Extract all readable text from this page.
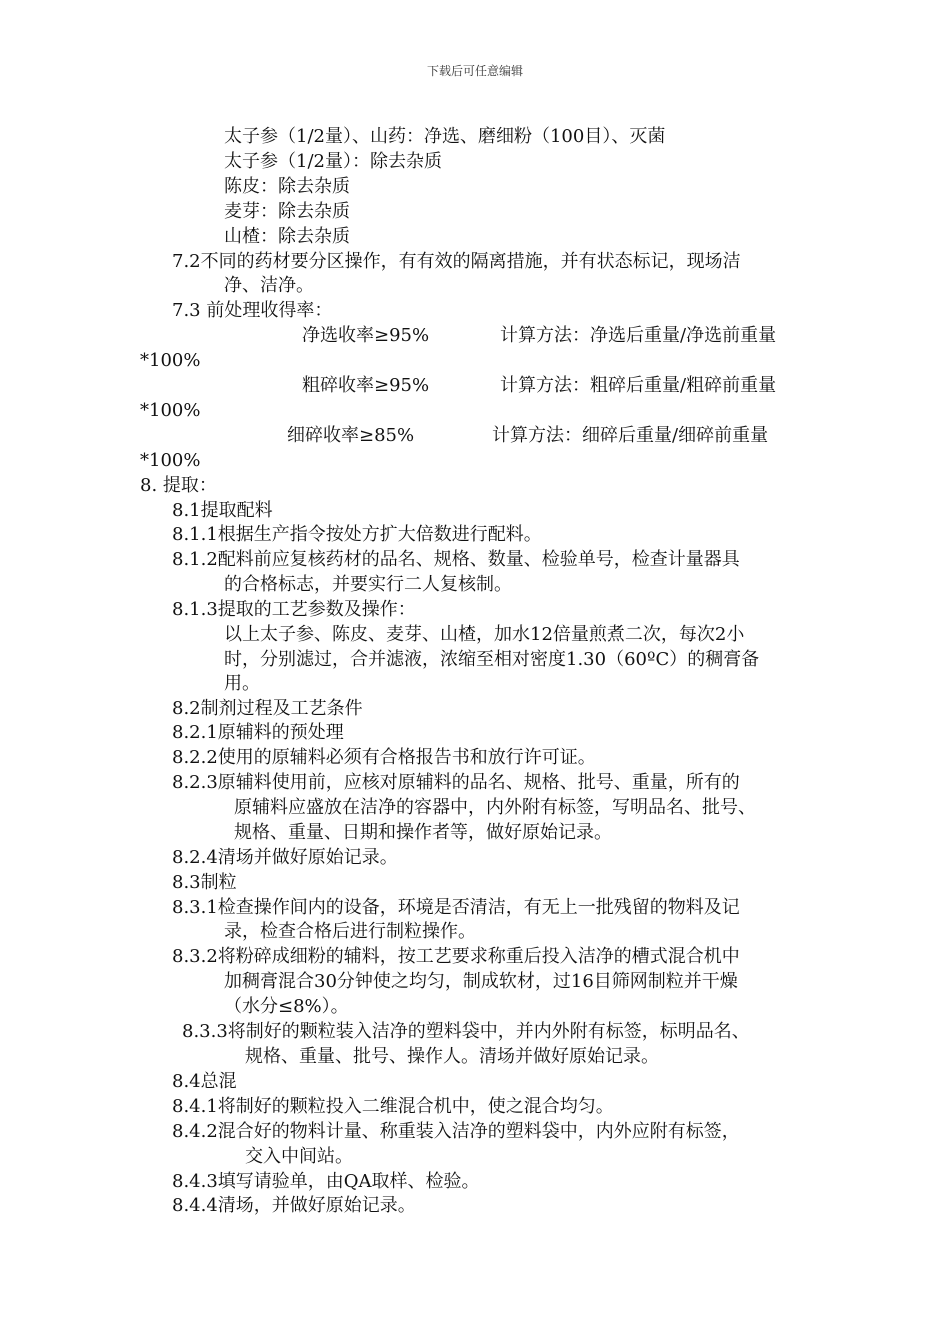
下载后可任意编辑
太子参（1/2量）、山药：净选、磨细粉（100目）、灭菌
太子参（1/2量）：除去杂质
陈皮：除去杂质
麦芽：除去杂质
山楂：除去杂质
7.2不同的药材要分区操作，有有效的隔离措施，并有状态标记，现场洁
净、洁净。
7.3 前处理收得率：
净选收率≥95%	计算方法：净选后重量/净选前重量
*100%
粗碎收率≥95%	计算方法：粗碎后重量/粗碎前重量
*100%
细碎收率≥85%	计算方法：细碎后重量/细碎前重量
*100%
8. 提取：
8.1提取配料
8.1.1根据生产指令按处方扩大倍数进行配料。
8.1.2配料前应复核药材的品名、规格、数量、检验单号，检查计量器具
的合格标志，并要实行二人复核制。
8.1.3提取的工艺参数及操作：
以上太子参、陈皮、麦芽、山楂，加水12倍量煎煮二次，每次2小
时，分别滤过，合并滤液，浓缩至相对密度1.30（60ºC）的稠膏备
用。
8.2制剂过程及工艺条件
8.2.1原辅料的预处理
8.2.2使用的原辅料必须有合格报告书和放行许可证。
8.2.3原辅料使用前，应核对原辅料的品名、规格、批号、重量，所有的
原辅料应盛放在洁净的容器中，内外附有标签，写明品名、批号、
规格、重量、日期和操作者等，做好原始记录。
8.2.4清场并做好原始记录。
8.3制粒
8.3.1检查操作间内的设备，环境是否清洁，有无上一批残留的物料及记
录，检查合格后进行制粒操作。
8.3.2将粉碎成细粉的辅料，按工艺要求称重后投入洁净的槽式混合机中
加稠膏混合30分钟使之均匀，制成软材，过16目筛网制粒并干燥
（水分≤8%）。
8.3.3将制好的颗粒装入洁净的塑料袋中，并内外附有标签，标明品名、
规格、重量、批号、操作人。清场并做好原始记录。
8.4总混
8.4.1将制好的颗粒投入二维混合机中，使之混合均匀。
8.4.2混合好的物料计量、称重装入洁净的塑料袋中，内外应附有标签，
交入中间站。
8.4.3填写请验单，由QA取样、检验。
8.4.4清场，并做好原始记录。
